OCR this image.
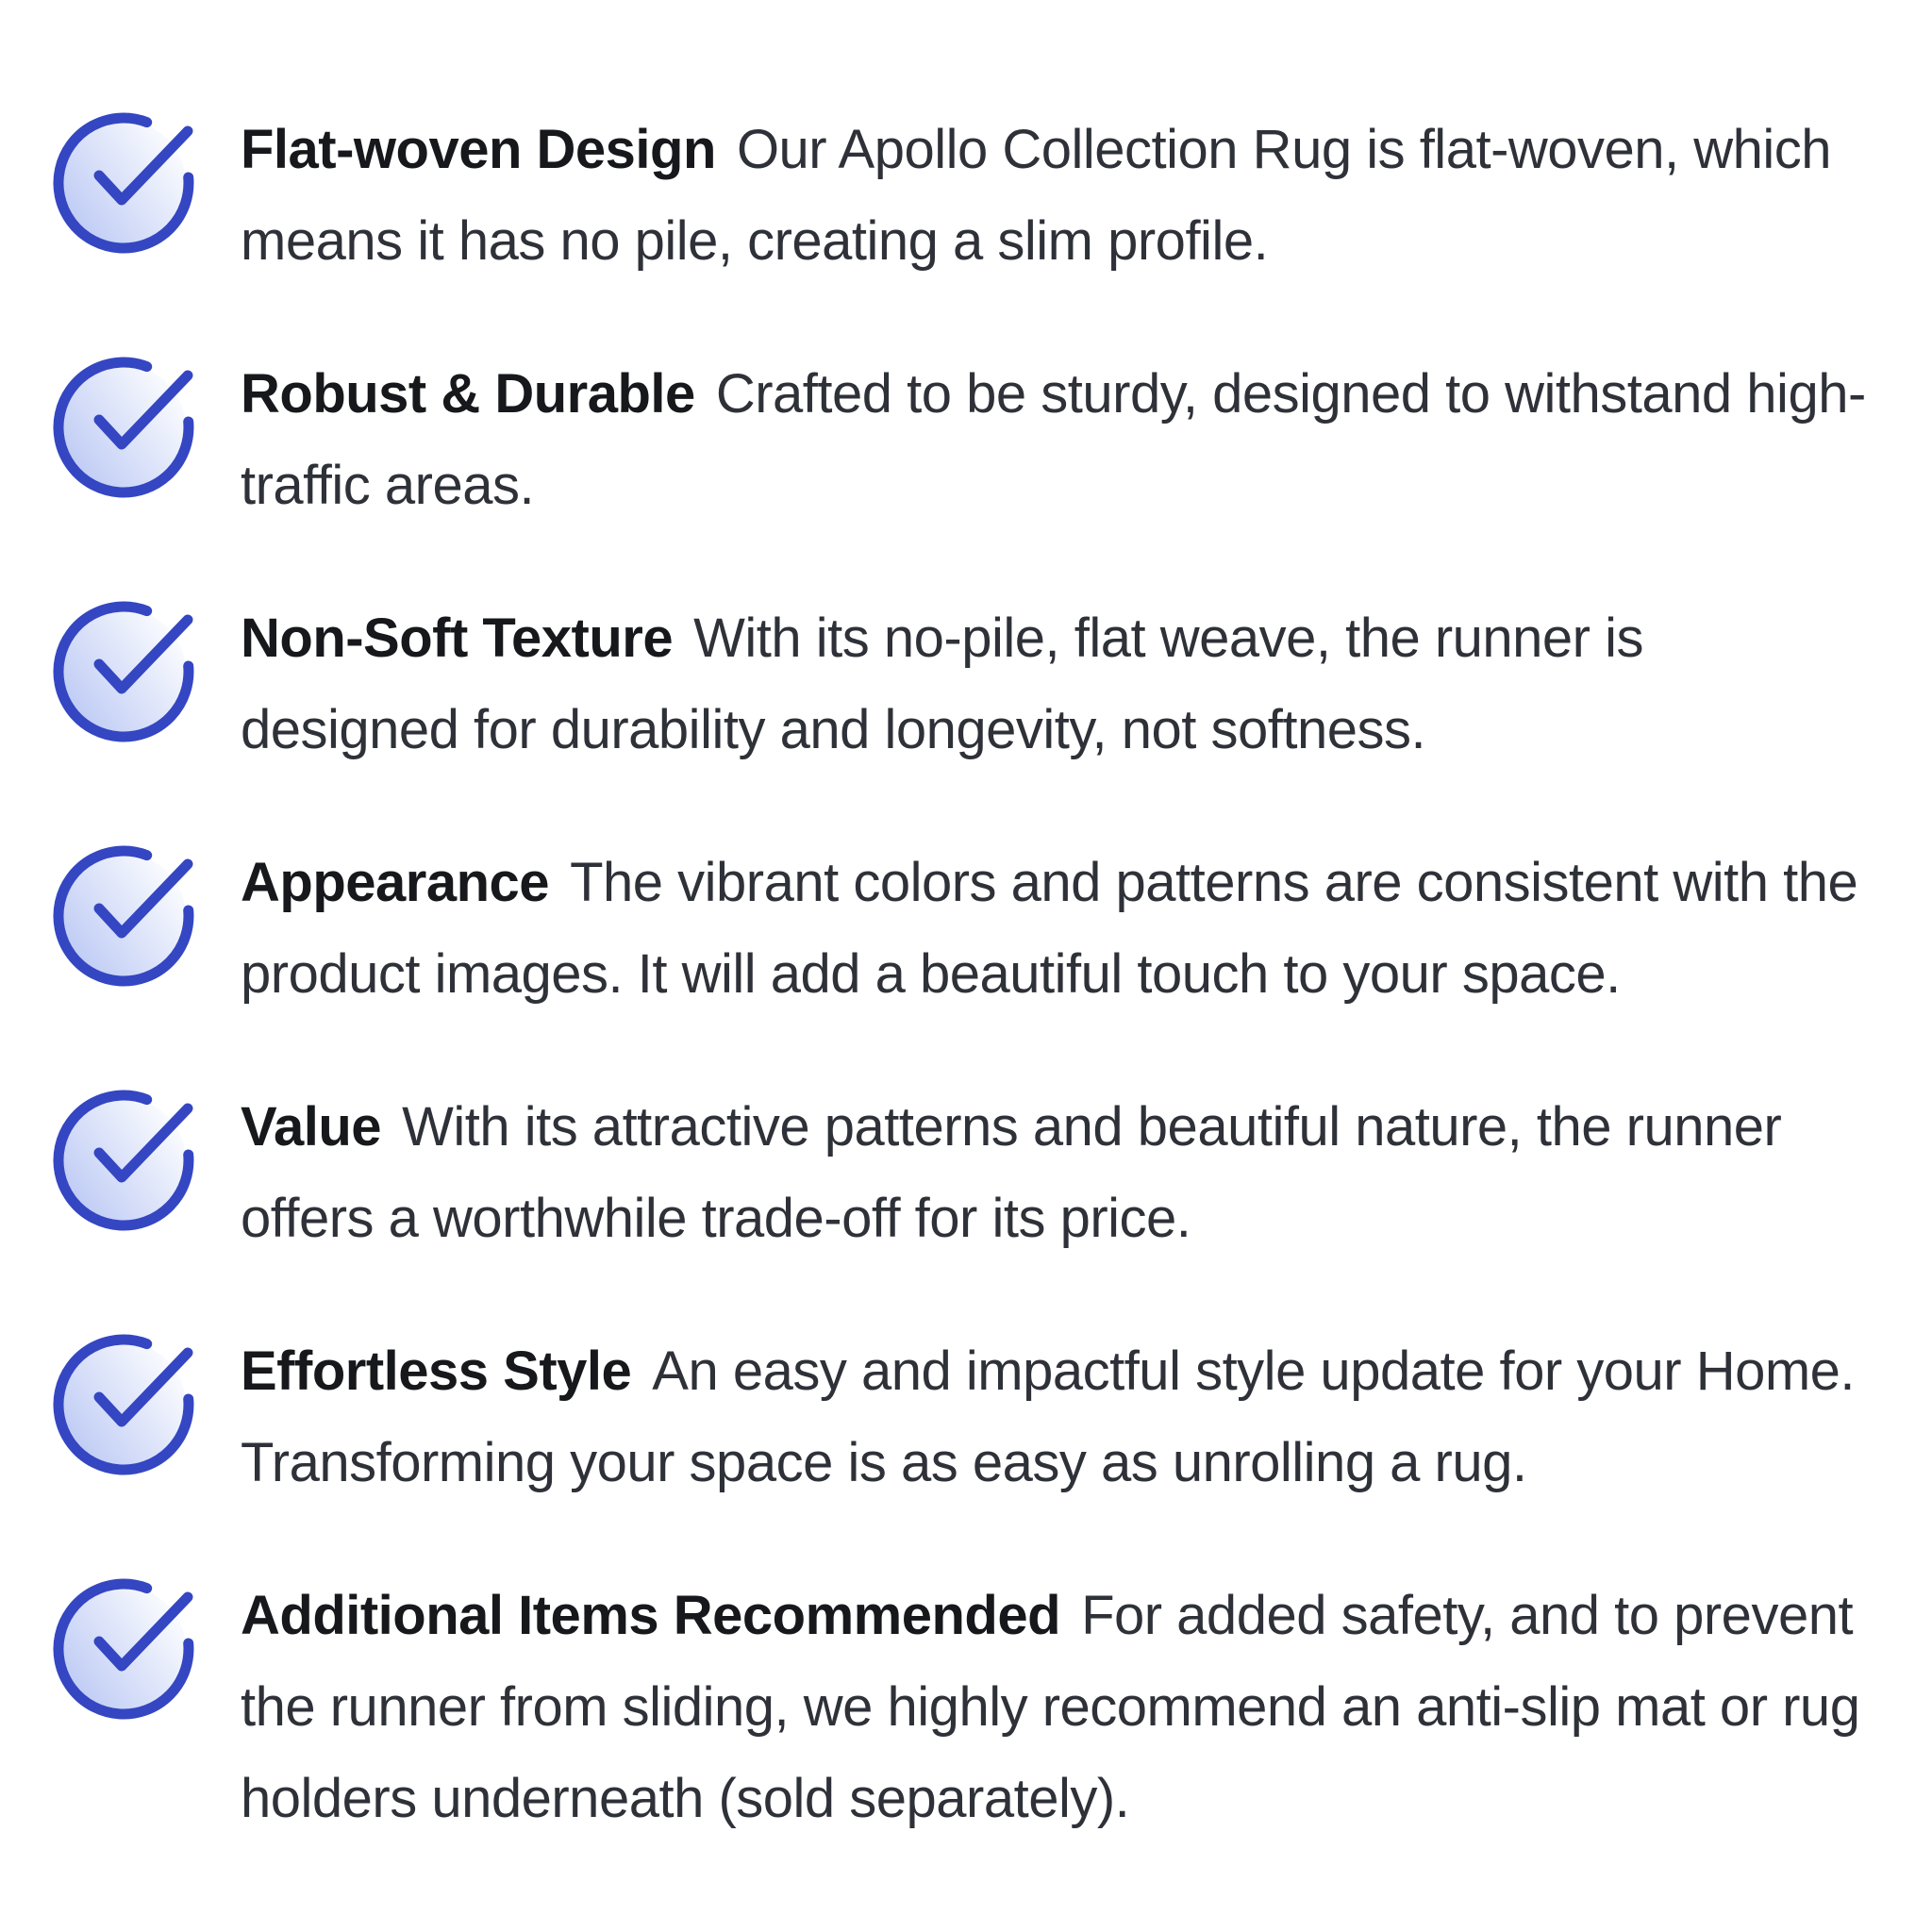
Flat-woven Design Our Apollo Collection Rug is flat-woven, which means it has no pile, creating a slim profile.

Robust & Durable Crafted to be sturdy, designed to withstand high-traffic areas.

Non-Soft Texture With its no-pile, flat weave, the runner is designed for durability and longevity, not softness.

Appearance The vibrant colors and patterns are consistent with the product images. It will add a beautiful touch to your space.

Value With its attractive patterns and beautiful nature, the runner offers a worthwhile trade-off for its price.

Effortless Style An easy and impactful style update for your Home. Transforming your space is as easy as unrolling a rug.

Additional Items Recommended For added safety, and to prevent the runner from sliding, we highly recommend an anti-slip mat or rug holders underneath (sold separately).
